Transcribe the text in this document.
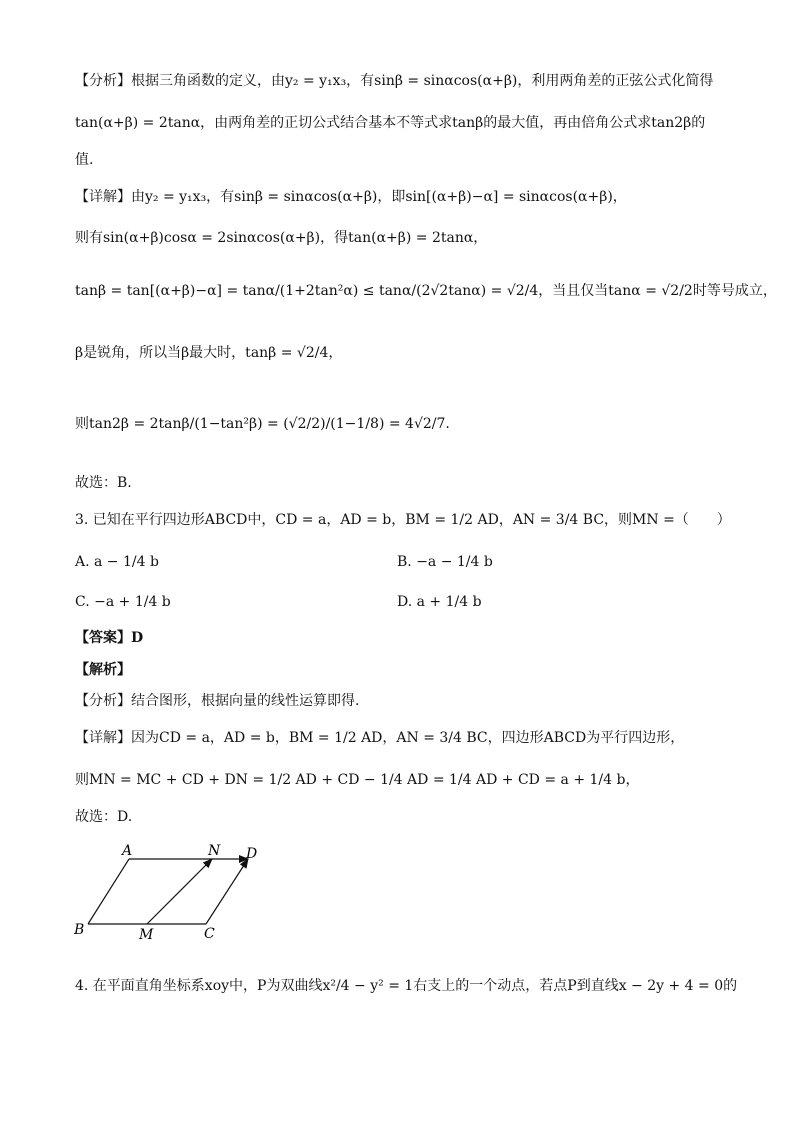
【分析】根据三角函数的定义，由y₂ = y₁x₃，有sinβ = sinαcos(α+β)，利用两角差的正弦公式化简得
tan(α+β) = 2tanα，由两角差的正切公式结合基本不等式求tanβ的最大值，再由倍角公式求tan2β的
值.
【详解】由y₂ = y₁x₃，有sinβ = sinαcos(α+β)，即sin[(α+β)−α] = sinαcos(α+β)，
则有sin(α+β)cosα = 2sinαcos(α+β)，得tan(α+β) = 2tanα，
tanβ = tan[(α+β)−α] = tanα/(1+2tan²α) ≤ tanα/(2√2tanα) = √2/4，当且仅当tanα = √2/2时等号成立，
β是锐角，所以当β最大时，tanβ = √2/4，
则tan2β = 2tanβ/(1−tan²β) = (√2/2)/(1−1/8) = 4√2/7.
故选：B.
3. 已知在平行四边形ABCD中，CD = a，AD = b，BM = 1/2 AD，AN = 3/4 BC，则MN =（　　）
A. a − 1/4 b	B. −a − 1/4 b
C. −a + 1/4 b	D. a + 1/4 b
【答案】D
【解析】
【分析】结合图形，根据向量的线性运算即得.
【详解】因为CD = a，AD = b，BM = 1/2 AD，AN = 3/4 BC，四边形ABCD为平行四边形，
则MN = MC + CD + DN = 1/2 AD + CD − 1/4 AD = 1/4 AD + CD = a + 1/4 b，
故选：D.
A	N D
B	M	C
4. 在平面直角坐标系xoy中，P为双曲线x²/4 − y² = 1右支上的一个动点，若点P到直线x − 2y + 4 = 0的
